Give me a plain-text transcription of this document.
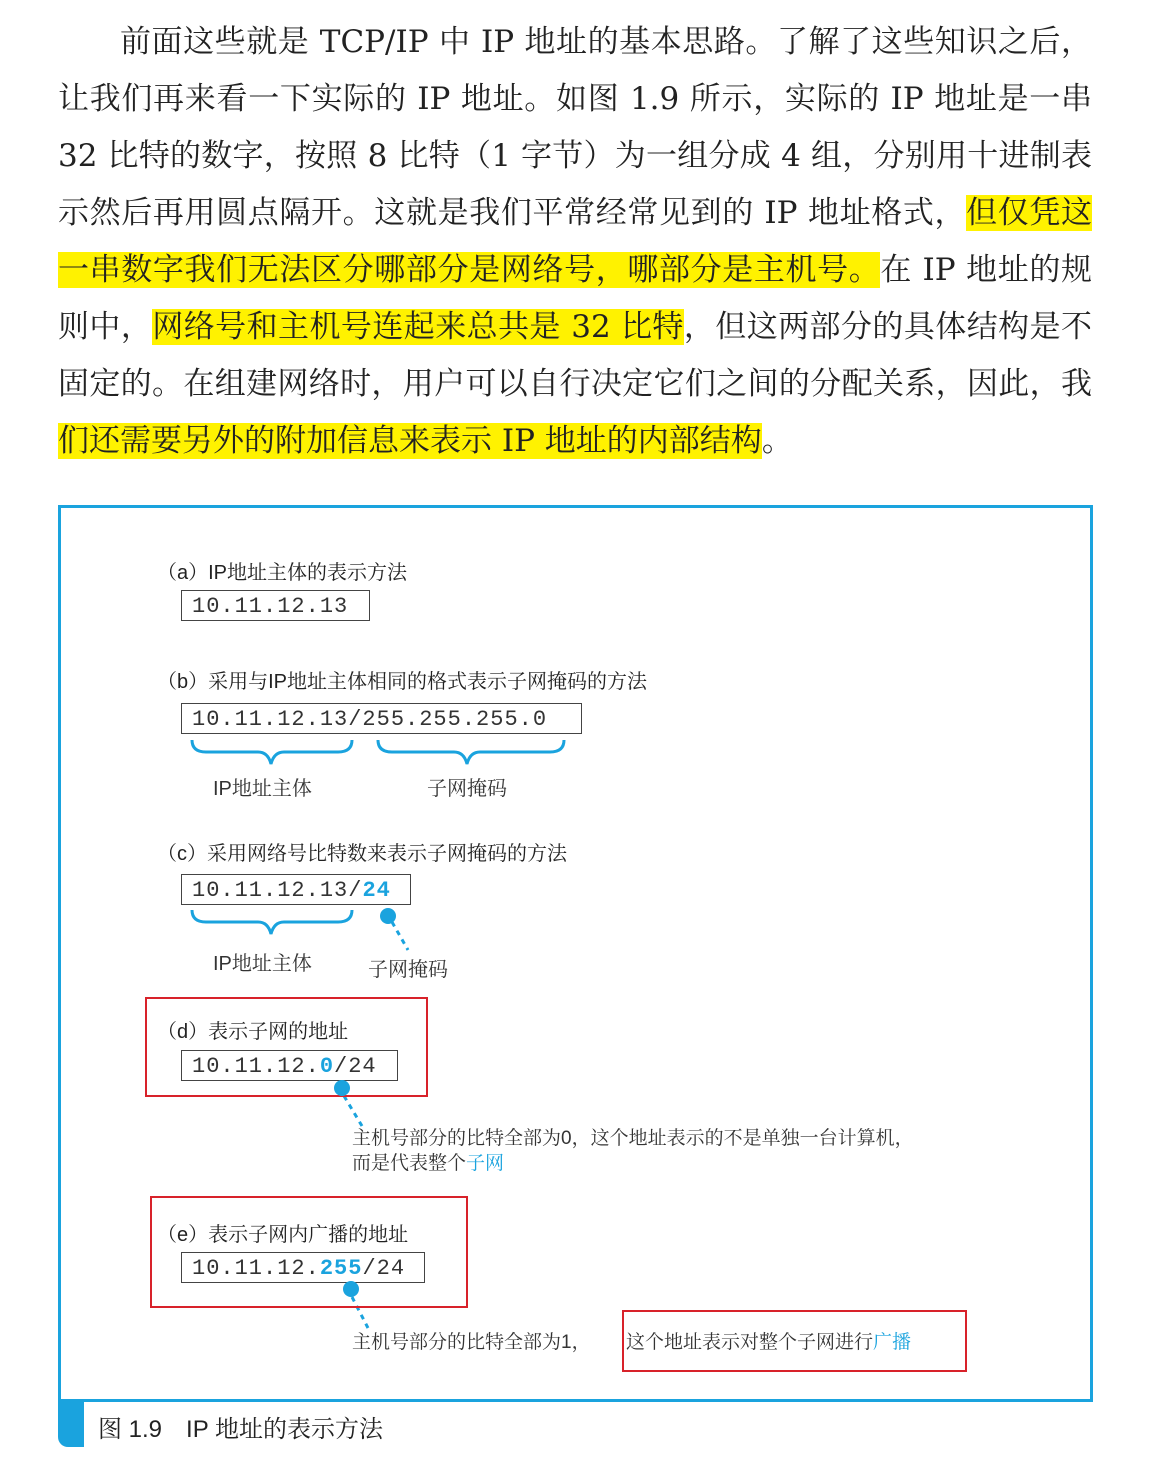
前面这些就是 TCP/IP 中 IP 地址的基本思路。了解了这些知识之后，让我们再来看一下实际的 IP 地址。如图 1.9 所示，实际的 IP 地址是一串 32 比特的数字，按照 8 比特（1 字节）为一组分成 4 组，分别用十进制表示然后再用圆点隔开。这就是我们平常经常见到的 IP 地址格式，但仅凭这一串数字我们无法区分哪部分是网络号，哪部分是主机号。在 IP 地址的规则中，网络号和主机号连起来总共是 32 比特，但这两部分的具体结构是不固定的。在组建网络时，用户可以自行决定它们之间的分配关系，因此，我们还需要另外的附加信息来表示 IP 地址的内部结构。
（a）IP地址主体的表示方法
10.11.12.13
（b）采用与IP地址主体相同的格式表示子网掩码的方法
10.11.12.13/255.255.255.0
IP地址主体	子网掩码
（c）采用网络号比特数来表示子网掩码的方法
10.11.12.13/24
IP地址主体	子网掩码
（d）表示子网的地址
10.11.12.0/24
主机号部分的比特全部为0，这个地址表示的不是单独一台计算机，
而是代表整个子网
（e）表示子网内广播的地址
10.11.12.255/24
主机号部分的比特全部为1， 这个地址表示对整个子网进行广播
图 1.9　IP 地址的表示方法
